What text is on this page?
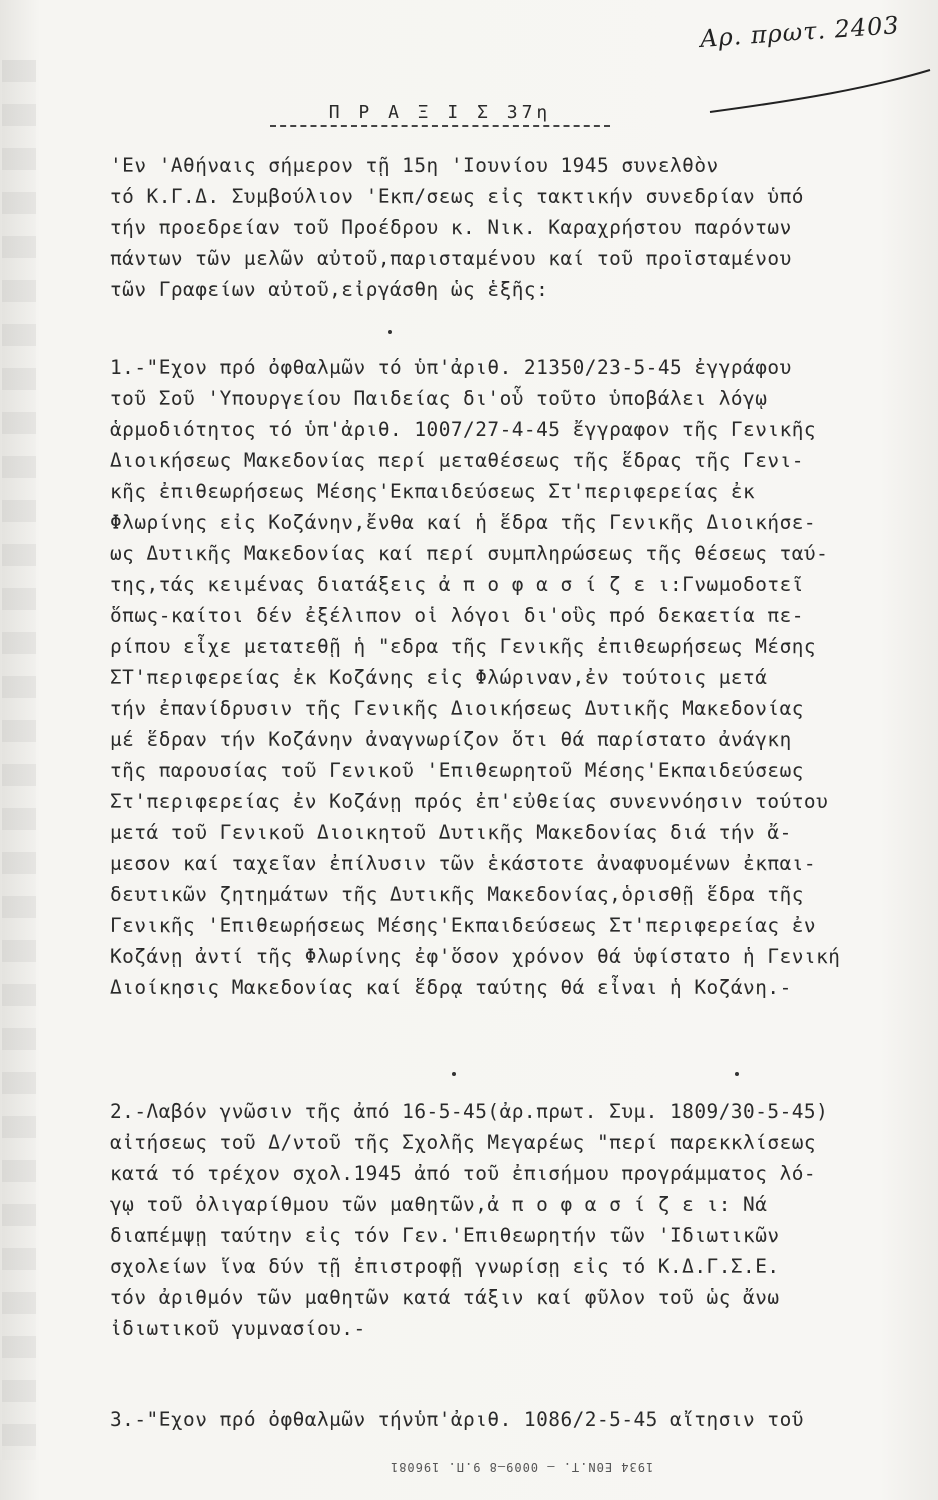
Αρ. πρωτ. 2403
Π Ρ Α Ξ Ι Σ 37η
'Εν 'Αθήναις σήμερον τῇ 15η 'Ιουνίου 1945 συνελθὸν
τό Κ.Γ.Δ. Συμβούλιον 'Εκπ/σεως εἰς τακτικήν συνεδρίαν ὑπό
τήν προεδρείαν τοῦ Προέδρου κ. Νικ. Καραχρήστου παρόντων
πάντων τῶν μελῶν αὐτοῦ,παρισταμένου καί τοῦ προϊσταμένου
τῶν Γραφείων αὐτοῦ,εἰργάσθη ὡς ἑξῆς:
1.-"Εχον πρό ὀφθαλμῶν τό ὑπ'ἀριθ. 21350/23-5-45 ἐγγράφου
τοῦ Σοῦ 'Υπουργείου Παιδείας δι'οὗ τοῦτο ὑποβάλει λόγῳ
ἁρμοδιότητος τό ὑπ'ἀριθ. 1007/27-4-45 ἔγγραφον τῆς Γενικῆς
Διοικήσεως Μακεδονίας περί μεταθέσεως τῆς ἕδρας τῆς Γενι-
κῆς ἐπιθεωρήσεως Μέσης'Εκπαιδεύσεως Στ'περιφερείας ἐκ
Φλωρίνης εἰς Κοζάνην,ἔνθα καί ἡ ἕδρα τῆς Γενικῆς Διοικήσε-
ως Δυτικῆς Μακεδονίας καί περί συμπληρώσεως τῆς θέσεως ταύ-
της,τάς κειμένας διατάξεις ἀ π ο φ α σ ί ζ ε ι:Γνωμοδοτεῖ
ὅπως-καίτοι δέν ἐξέλιπον οἱ λόγοι δι'οὓς πρό δεκαετία πε-
ρίπου εἶχε μετατεθῇ ἡ "εδρα τῆς Γενικῆς ἐπιθεωρήσεως Μέσης
ΣΤ'περιφερείας ἐκ Κοζάνης εἰς Φλώριναν,ἐν τούτοις μετά
τήν ἐπανίδρυσιν τῆς Γενικῆς Διοικήσεως Δυτικῆς Μακεδονίας
μέ ἕδραν τήν Κοζάνην ἀναγνωρίζον ὅτι θά παρίστατο ἀνάγκη
τῆς παρουσίας τοῦ Γενικοῦ 'Επιθεωρητοῦ Μέσης'Εκπαιδεύσεως
Στ'περιφερείας ἐν Κοζάνῃ πρός ἐπ'εὐθείας συνεννόησιν τούτου
μετά τοῦ Γενικοῦ Διοικητοῦ Δυτικῆς Μακεδονίας διά τήν ἄ-
μεσον καί ταχεῖαν ἐπίλυσιν τῶν ἑκάστοτε ἀναφυομένων ἐκπαι-
δευτικῶν ζητημάτων τῆς Δυτικῆς Μακεδονίας,ὁρισθῇ ἕδρα τῆς
Γενικῆς 'Επιθεωρήσεως Μέσης'Εκπαιδεύσεως Στ'περιφερείας ἐν
Κοζάνῃ ἀντί τῆς Φλωρίνης ἐφ'ὅσον χρόνον θά ὑφίστατο ἡ Γενική
Διοίκησις Μακεδονίας καί ἕδρᾳ ταύτης θά εἶναι ἡ Κοζάνη.-
2.-Λαβόν γνῶσιν τῆς ἀπό 16-5-45(ἀρ.πρωτ. Συμ. 1809/30-5-45)
αἰτήσεως τοῦ Δ/ντοῦ τῆς Σχολῆς Μεγαρέως "περί παρεκκλίσεως
κατά τό τρέχον σχολ.1945 ἀπό τοῦ ἐπισήμου προγράμματος λό-
γῳ τοῦ ὀλιγαρίθμου τῶν μαθητῶν,ἀ π ο φ α σ ί ζ ε ι: Νά
διαπέμψῃ ταύτην εἰς τόν Γεν.'Επιθεωρητήν τῶν 'Ιδιωτικῶν
σχολείων ἵνα δύν τῇ ἐπιστροφῇ γνωρίσῃ εἰς τό Κ.Δ.Γ.Σ.Ε.
τόν ἀριθμόν τῶν μαθητῶν κατά τάξιν καί φῦλον τοῦ ὡς ἄνω
ἰδιωτικοῦ γυμνασίου.-
3.-"Εχον πρό ὀφθαλμῶν τήνὑπ'ἀριθ. 1086/2-5-45 αἴτησιν τοῦ
1934 ΕΘΝ.Τ. — 0009—8 9.Π. 196081
